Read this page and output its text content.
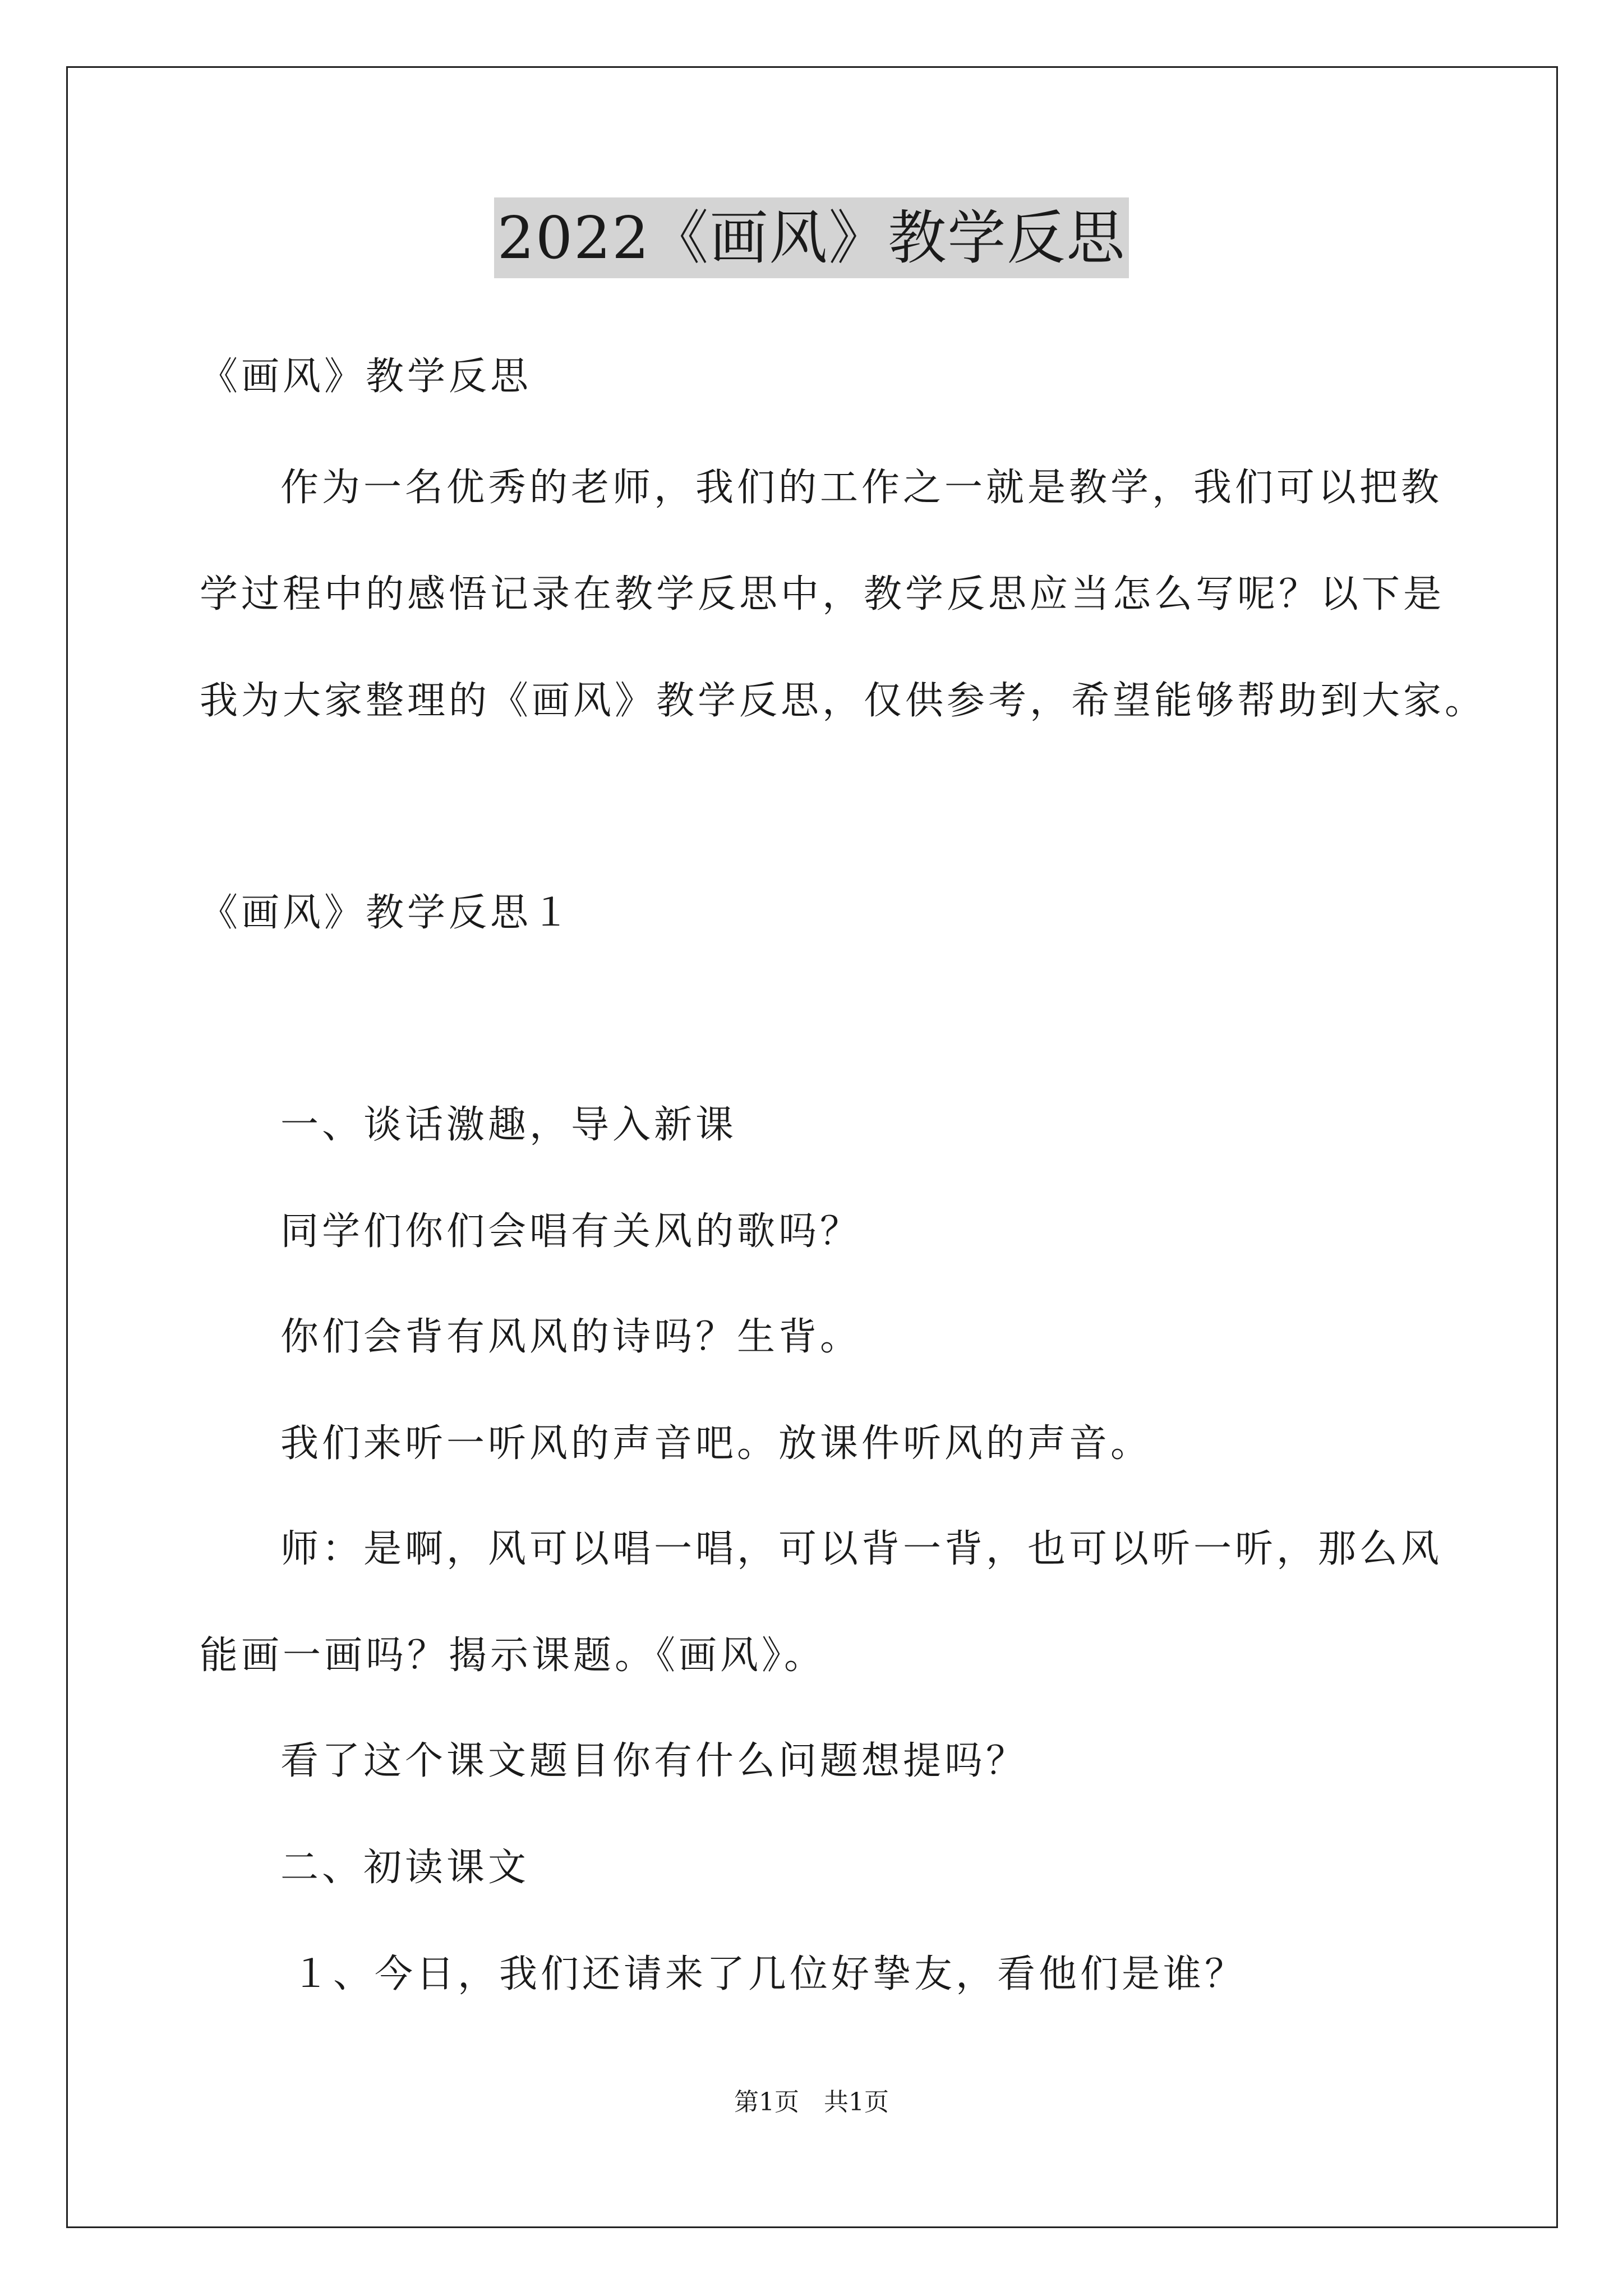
2022《画风》教学反思
《画风》教学反思
作为一名优秀的老师，我们的工作之一就是教学，我们可以把教
学过程中的感悟记录在教学反思中，教学反思应当怎么写呢？以下是
我为大家整理的《画风》教学反思，仅供参考，希望能够帮助到大家。
《画风》教学反思１
一、谈话激趣，导入新课
同学们你们会唱有关风的歌吗？
你们会背有风风的诗吗？生背。
我们来听一听风的声音吧。放课件听风的声音。
师：是啊，风可以唱一唱，可以背一背，也可以听一听，那么风
能画一画吗？揭示课题。《画风》。
看了这个课文题目你有什么问题想提吗？
二、初读课文
１、今日，我们还请来了几位好挚友，看他们是谁？
第1页　共1页
